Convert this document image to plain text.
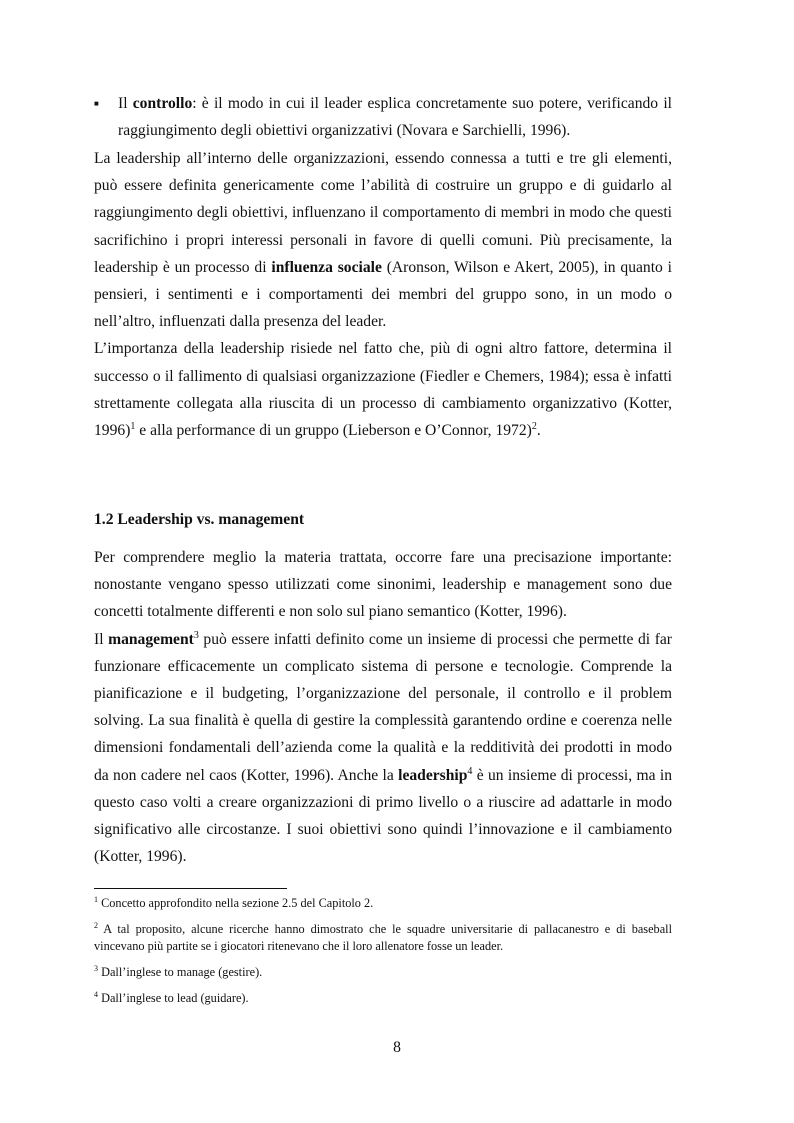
■	Il controllo: è il modo in cui il leader esplica concretamente suo potere, verificando il raggiungimento degli obiettivi organizzativi (Novara e Sarchielli, 1996).

La leadership all’interno delle organizzazioni, essendo connessa a tutti e tre gli elementi, può essere definita genericamente come l’abilità di costruire un gruppo e di guidarlo al raggiungimento degli obiettivi, influenzano il comportamento di membri in modo che questi sacrifichino i propri interessi personali in favore di quelli comuni. Più precisamente, la leadership è un processo di influenza sociale (Aronson, Wilson e Akert, 2005), in quanto i pensieri, i sentimenti e i comportamenti dei membri del gruppo sono, in un modo o nell’altro, influenzati dalla presenza del leader.

L’importanza della leadership risiede nel fatto che, più di ogni altro fattore, determina il successo o il fallimento di qualsiasi organizzazione (Fiedler e Chemers, 1984); essa è infatti strettamente collegata alla riuscita di un processo di cambiamento organizzativo (Kotter, 1996)$^1$ e alla performance di un gruppo (Lieberson e O’Connor, 1972)$^2$.

1.2 Leadership vs. management

Per comprendere meglio la materia trattata, occorre fare una precisazione importante: nonostante vengano spesso utilizzati come sinonimi, leadership e management sono due concetti totalmente differenti e non solo sul piano semantico (Kotter, 1996).

Il management$^3$ può essere infatti definito come un insieme di processi che permette di far funzionare efficacemente un complicato sistema di persone e tecnologie. Comprende la pianificazione e il budgeting, l’organizzazione del personale, il controllo e il problem solving. La sua finalità è quella di gestire la complessità garantendo ordine e coerenza nelle dimensioni fondamentali dell’azienda come la qualità e la redditività dei prodotti in modo da non cadere nel caos (Kotter, 1996). Anche la leadership$^4$ è un insieme di processi, ma in questo caso volti a creare organizzazioni di primo livello o a riuscire ad adattarle in modo significativo alle circostanze. I suoi obiettivi sono quindi l’innovazione e il cambiamento (Kotter, 1996).

$^1$ Concetto approfondito nella sezione 2.5 del Capitolo 2.

$^2$ A tal proposito, alcune ricerche hanno dimostrato che le squadre universitarie di pallacanestro e di baseball vincevano più partite se i giocatori ritenevano che il loro allenatore fosse un leader.

$^3$ Dall’inglese to manage (gestire).

$^4$ Dall’inglese to lead (guidare).

8
